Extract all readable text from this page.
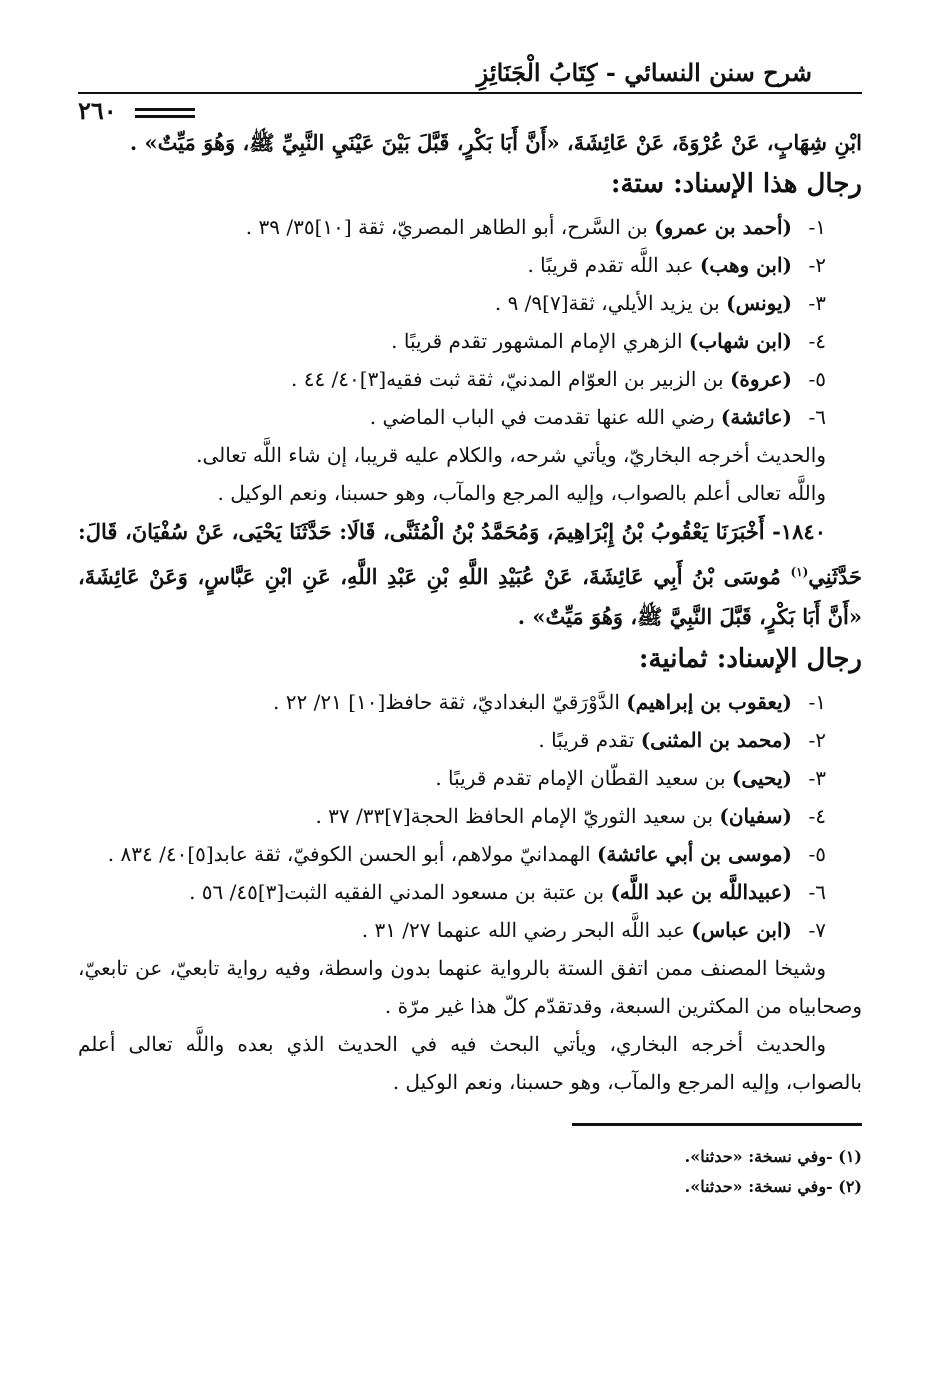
شرح سنن النسائي - كِتَابُ الْجَنَائِزِ
٢٦٠

ابْنِ شِهَابٍ، عَنْ عُرْوَةَ، عَنْ عَائِشَةَ، «أَنَّ أَبَا بَكْرٍ، قَبَّلَ بَيْنَ عَيْنَيِ النَّبِيِّ ﷺ، وَهُوَ مَيِّتٌ» .

رجال هذا الإسناد: ستة:
١-(أحمد بن عمرو) بن السَّرح، أبو الطاهر المصريّ، ثقة [١٠]٣٥/ ٣٩ .
٢-(ابن وهب) عبد اللَّه تقدم قريبًا .
٣-(يونس) بن يزيد الأيلي، ثقة[٧]٩/ ٩ .
٤-(ابن شهاب) الزهري الإمام المشهور تقدم قريبًا .
٥-(عروة) بن الزبير بن العوّام المدنيّ، ثقة ثبت فقيه[٣]٤٠/ ٤٤ .
٦-(عائشة) رضي الله عنها تقدمت في الباب الماضي .

والحديث أخرجه البخاريّ، ويأتي شرحه، والكلام عليه قريبا، إن شاء اللَّه تعالى.

واللَّه تعالى أعلم بالصواب، وإليه المرجع والمآب، وهو حسبنا، ونعم الوكيل .

١٨٤٠- أَخْبَرَنَا يَعْقُوبُ بْنُ إِبْرَاهِيمَ، وَمُحَمَّدُ بْنُ الْمُثَنَّى، قَالَا: حَدَّثَنَا يَحْيَى، عَنْ سُفْيَانَ، قَالَ: حَدَّثَنِي$^{(١)}$ مُوسَى بْنُ أَبِي عَائِشَةَ، عَنْ عُبَيْدِ اللَّهِ بْنِ عَبْدِ اللَّهِ، عَنِ ابْنِ عَبَّاسٍ، وَعَنْ عَائِشَةَ، «أَنَّ أَبَا بَكْرٍ، قَبَّلَ النَّبِيَّ ﷺ، وَهُوَ مَيِّتٌ» .

رجال الإسناد: ثمانية:
١-(يعقوب بن إبراهيم) الدَّوْرَقيّ البغداديّ، ثقة حافظ[١٠] ٢١/ ٢٢ .
٢-(محمد بن المثنى) تقدم قريبًا .
٣-(يحيى) بن سعيد القطّان الإمام تقدم قريبًا .
٤-(سفيان) بن سعيد الثوريّ الإمام الحافظ الحجة[٧]٣٣/ ٣٧ .
٥-(موسى بن أبي عائشة) الهمدانيّ مولاهم، أبو الحسن الكوفيّ، ثقة عابد[٥]٤٠/ ٨٣٤ .
٦-(عبيداللَّه بن عبد اللَّه) بن عتبة بن مسعود المدني الفقيه الثبت[٣]٤٥/ ٥٦ .
٧-(ابن عباس) عبد اللَّه البحر رضي الله عنهما ٢٧/ ٣١ .

وشيخا المصنف ممن اتفق الستة بالرواية عنهما بدون واسطة، وفيه رواية تابعيّ، عن تابعيّ، وصحابياه من المكثرين السبعة، وقدتقدّم كلّ هذا غير مرّة .

والحديث أخرجه البخاري، ويأتي البحث فيه في الحديث الذي بعده واللَّه تعالى أعلم بالصواب، وإليه المرجع والمآب، وهو حسبنا، ونعم الوكيل .

(١) -وفي نسخة: «حدثنا».
(٢) -وفي نسخة: «حدثنا».
